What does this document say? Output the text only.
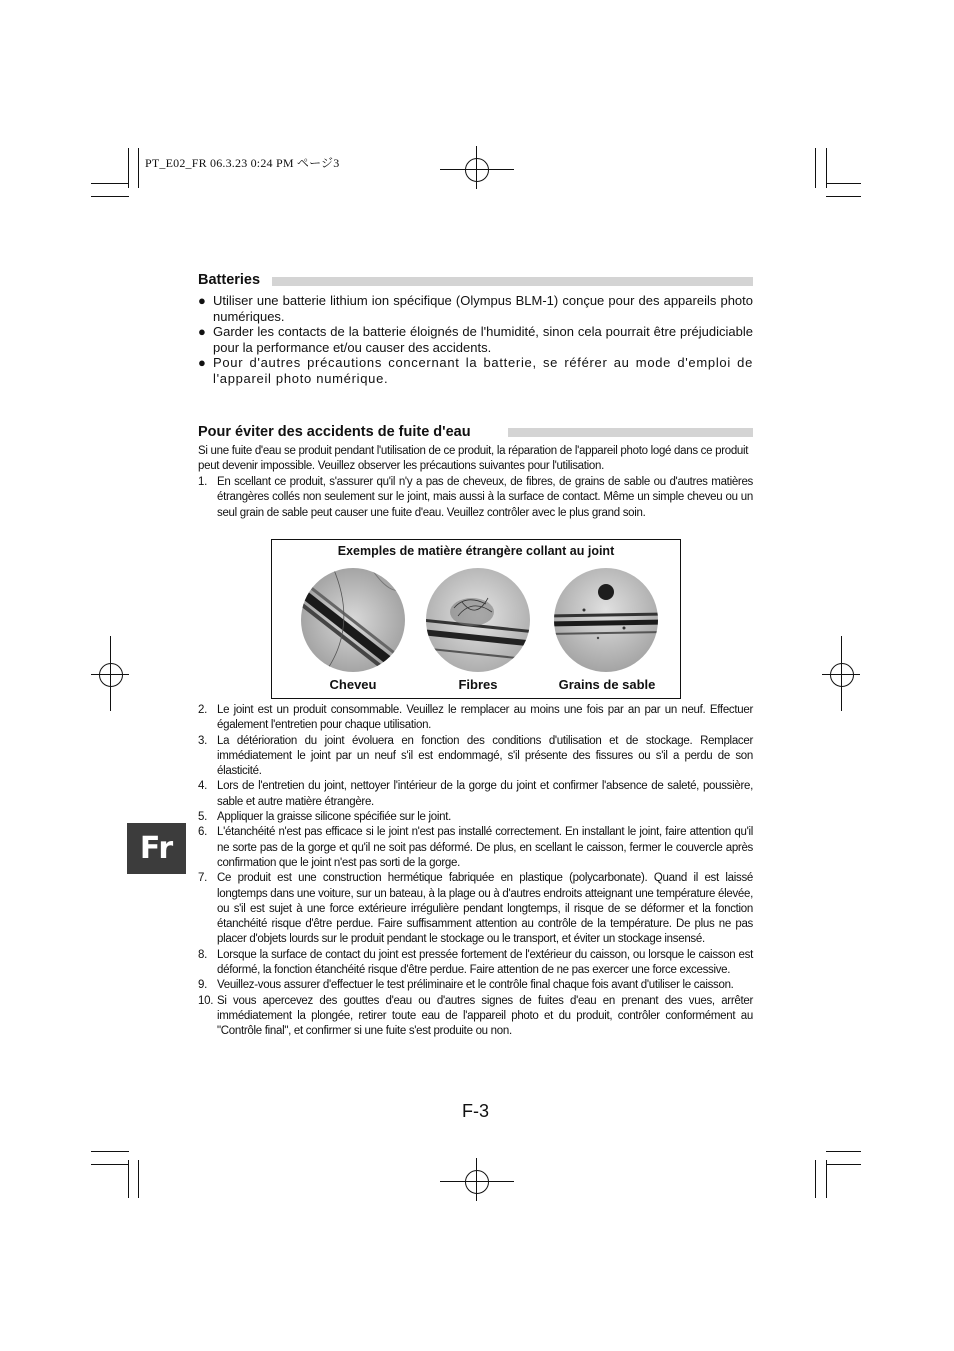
PT_E02_FR 06.3.23 0:24 PM ページ3
Batteries
● Utiliser une batterie lithium ion spécifique (Olympus BLM-1) conçue pour des appareils photo numériques.
● Garder les contacts de la batterie éloignés de l'humidité, sinon cela pourrait être préjudiciable pour la performance et/ou causer des accidents.
● Pour d'autres précautions concernant la batterie, se référer au mode d'emploi de l'appareil photo numérique.
Pour éviter des accidents de fuite d'eau
Si une fuite d'eau se produit pendant l'utilisation de ce produit, la réparation de l'appareil photo logé dans ce produit peut devenir impossible. Veuillez observer les précautions suivantes pour l'utilisation.
1. En scellant ce produit, s'assurer qu'il n'y a pas de cheveux, de fibres, de grains de sable ou d'autres matières étrangères collés non seulement sur le joint, mais aussi à la surface de contact. Même un simple cheveu ou un seul grain de sable peut causer une fuite d'eau. Veuillez contrôler avec le plus grand soin.
Exemples de matière étrangère collant au joint
Cheveu	Fibres	Grains de sable
2. Le joint est un produit consommable. Veuillez le remplacer au moins une fois par an par un neuf. Effectuer également l'entretien pour chaque utilisation.
3. La détérioration du joint évoluera en fonction des conditions d'utilisation et de stockage. Remplacer immédiatement le joint par un neuf s'il est endommagé, s'il présente des fissures ou s'il a perdu de son élasticité.
4. Lors de l'entretien du joint, nettoyer l'intérieur de la gorge du joint et confirmer l'absence de saleté, poussière, sable et autre matière étrangère.
5. Appliquer la graisse silicone spécifiée sur le joint.
6. L'étanchéité n'est pas efficace si le joint n'est pas installé correctement. En installant le joint, faire attention qu'il ne sorte pas de la gorge et qu'il ne soit pas déformé. De plus, en scellant le caisson, fermer le couvercle après confirmation que le joint n'est pas sorti de la gorge.
7. Ce produit est une construction hermétique fabriquée en plastique (polycarbonate). Quand il est laissé longtemps dans une voiture, sur un bateau, à la plage ou à d'autres endroits atteignant une température élevée, ou s'il est sujet à une force extérieure irrégulière pendant longtemps, il risque de se déformer et la fonction étanchéité risque d'être perdue. Faire suffisamment attention au contrôle de la température. De plus ne pas placer d'objets lourds sur le produit pendant le stockage ou le transport, et éviter un stockage insensé.
8. Lorsque la surface de contact du joint est pressée fortement de l'extérieur du caisson, ou lorsque le caisson est déformé, la fonction étanchéité risque d'être perdue. Faire attention de ne pas exercer une force excessive.
9. Veuillez-vous assurer d'effectuer le test préliminaire et le contrôle final chaque fois avant d'utiliser le caisson.
10. Si vous apercevez des gouttes d'eau ou d'autres signes de fuites d'eau en prenant des vues, arrêter immédiatement la plongée, retirer toute eau de l'appareil photo et du produit, contrôler conformément au "Contrôle final", et confirmer si une fuite s'est produite ou non.
Fr
F-3
